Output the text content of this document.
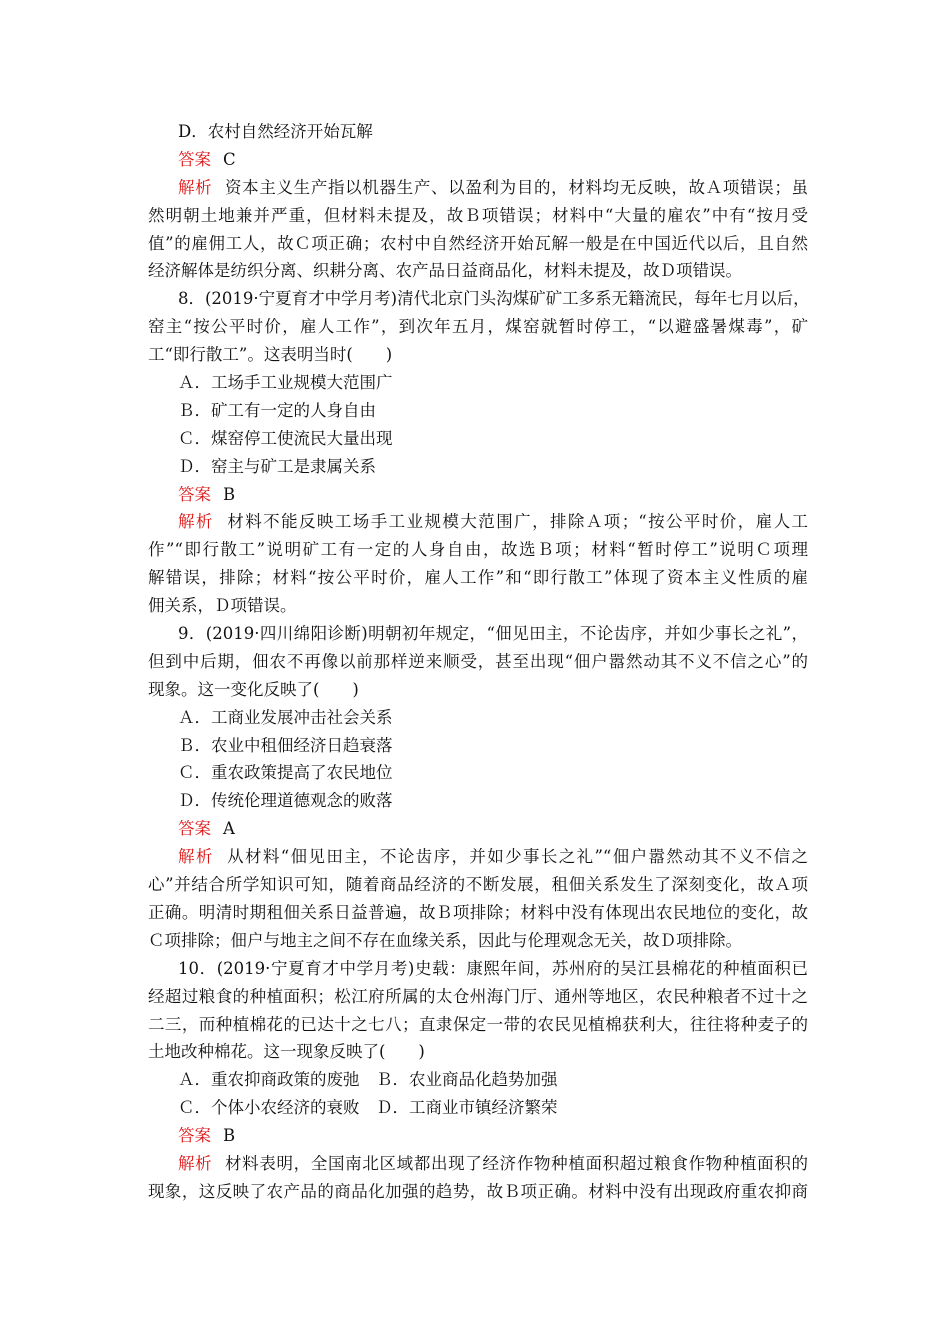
D．农村自然经济开始瓦解
答案 C
解析 资本主义生产指以机器生产、以盈利为目的，材料均无反映，故Ａ项错误；虽
然明朝土地兼并严重，但材料未提及，故Ｂ项错误；材料中“大量的雇农”中有“按月受
值”的雇佣工人，故Ｃ项正确；农村中自然经济开始瓦解一般是在中国近代以后，且自然
经济解体是纺织分离、织耕分离、农产品日益商品化，材料未提及，故Ｄ项错误。
8．(2019·宁夏育才中学月考)清代北京门头沟煤矿矿工多系无籍流民，每年七月以后，
窑主“按公平时价，雇人工作”，到次年五月，煤窑就暂时停工，“以避盛暑煤毒”，矿
工“即行散工”。这表明当时(　　)
Ａ．工场手工业规模大范围广
Ｂ．矿工有一定的人身自由
Ｃ．煤窑停工使流民大量出现
Ｄ．窑主与矿工是隶属关系
答案 B
解析 材料不能反映工场手工业规模大范围广，排除Ａ项；“按公平时价，雇人工
作”“即行散工”说明矿工有一定的人身自由，故选Ｂ项；材料“暂时停工”说明Ｃ项理
解错误，排除；材料“按公平时价，雇人工作”和“即行散工”体现了资本主义性质的雇
佣关系，Ｄ项错误。
9．(2019·四川绵阳诊断)明朝初年规定，“佃见田主，不论齿序，并如少事长之礼”，
但到中后期，佃农不再像以前那样逆来顺受，甚至出现“佃户嚣然动其不义不信之心”的
现象。这一变化反映了(　　)
Ａ．工商业发展冲击社会关系
Ｂ．农业中租佃经济日趋衰落
Ｃ．重农政策提高了农民地位
Ｄ．传统伦理道德观念的败落
答案 A
解析 从材料“佃见田主，不论齿序，并如少事长之礼”“佃户嚣然动其不义不信之
心”并结合所学知识可知，随着商品经济的不断发展，租佃关系发生了深刻变化，故Ａ项
正确。明清时期租佃关系日益普遍，故Ｂ项排除；材料中没有体现出农民地位的变化，故
Ｃ项排除；佃户与地主之间不存在血缘关系，因此与伦理观念无关，故Ｄ项排除。
10．(2019·宁夏育才中学月考)史载：康熙年间，苏州府的吴江县棉花的种植面积已
经超过粮食的种植面积；松江府所属的太仓州海门厅、通州等地区，农民种粮者不过十之
二三，而种植棉花的已达十之七八；直隶保定一带的农民见植棉获利大，往往将种麦子的
土地改种棉花。这一现象反映了(　　)
Ａ．重农抑商政策的废弛　Ｂ．农业商品化趋势加强
Ｃ．个体小农经济的衰败　Ｄ．工商业市镇经济繁荣
答案 B
解析 材料表明，全国南北区域都出现了经济作物种植面积超过粮食作物种植面积的
现象，这反映了农产品的商品化加强的趋势，故Ｂ项正确。材料中没有出现政府重农抑商
